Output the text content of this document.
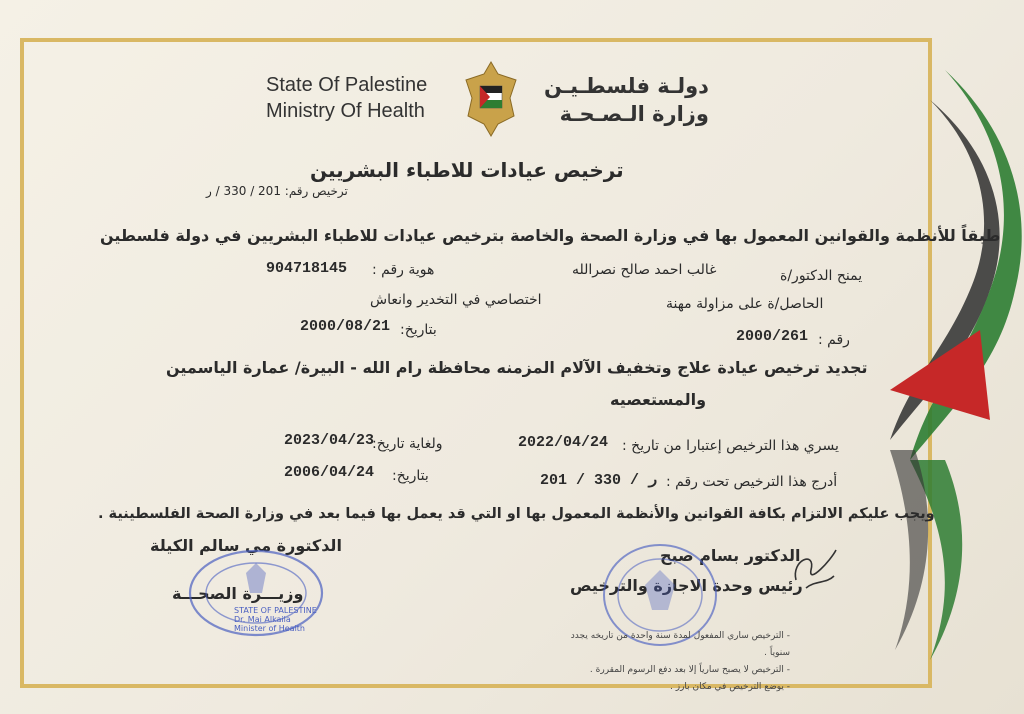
State Of Palestine
Ministry Of Health
دولـة فلسطـيـن
وزارة الـصـحـة
ترخيص عيادات للاطباء البشريين
ترخيص رقم: 201 / 330 / ر
طبقاً للأنظمة والقوانين المعمول بها في وزارة الصحة والخاصة بترخيص عيادات للاطباء البشريين في دولة فلسطين
يمنح الدكتور/ة
غالب احمد صالح نصرالله
هوية رقم :
904718145
الحاصل/ة على مزاولة مهنة
اختصاصي في التخدير وانعاش
رقم :
2000/261
بتاريخ:
2000/08/21
تجديد ترخيص عيادة علاج وتخفيف الآلام المزمنه محافظة رام الله - البيرة/ عمارة الياسمين
والمستعصيه
يسري هذا الترخيص إعتبارا من تاريخ :
2022/04/24
ولغاية تاريخ:
2023/04/23
أدرج هذا الترخيص تحت رقم :
201 / 330 / ر
بتاريخ:
2006/04/24
ويجب عليكم الالتزام بكافة القوانين والأنظمة المعمول بها او التي قد يعمل بها فيما بعد في وزارة الصحة الفلسطينية .
الدكتور بسام صبح
رئيس وحدة الاجازة والترخيص
الدكتورة مي سالم الكيلة
وزيـــرة الصحـــة
STATE OF PALESTINE
Dr. Mai Alkaila
Minister of Health
- الترخيص ساري المفعول لمدة سنة واحدة من تاريخه يجدد سنوياً .
- الترخيص لا يصبح سارياً إلا بعد دفع الرسوم المقررة .
- يوضع الترخيص في مكان بارز .
